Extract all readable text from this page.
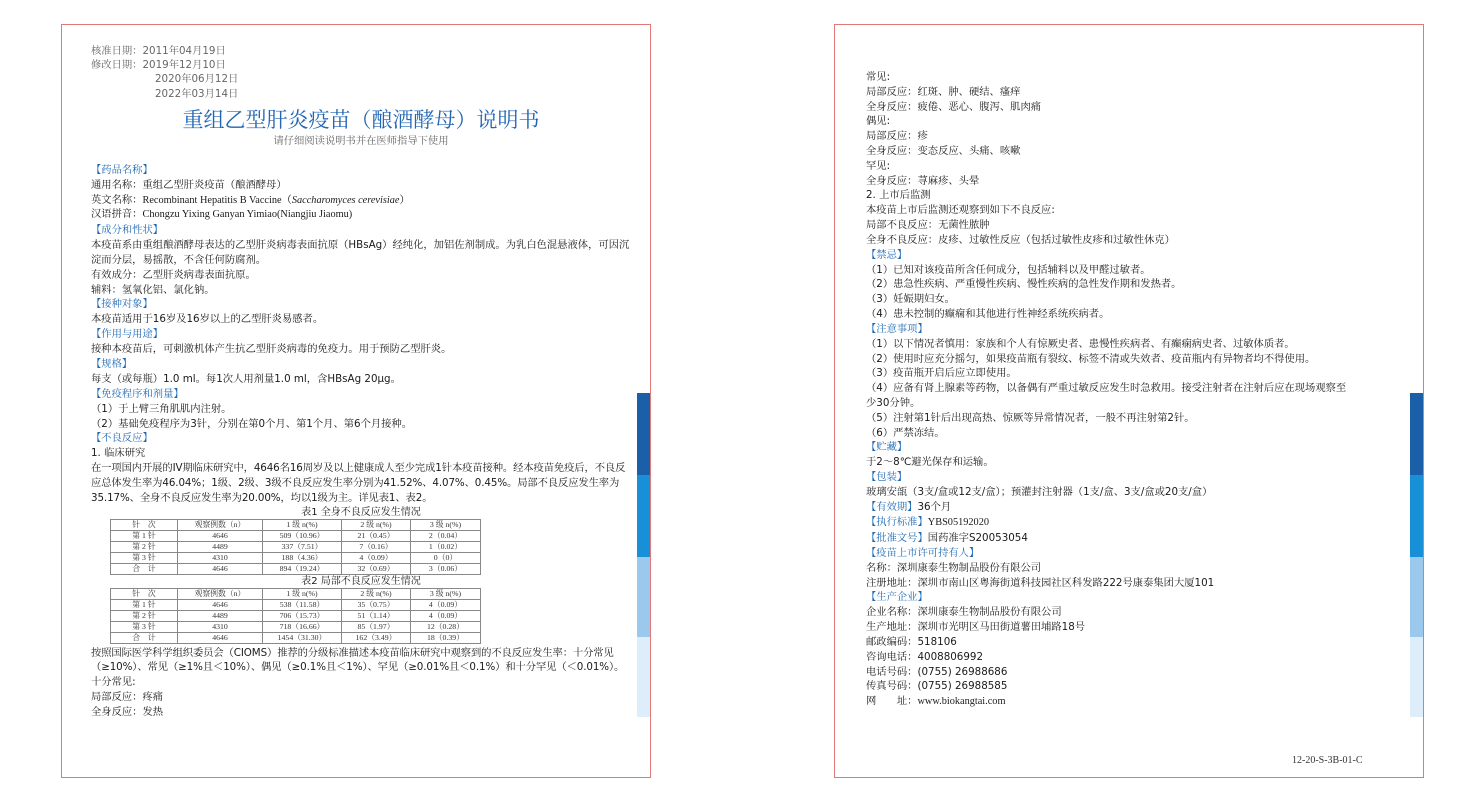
核准日期：2011年04月19日
修改日期：2019年12月10日
2020年06月12日
2022年03月14日
重组乙型肝炎疫苗（酿酒酵母）说明书
请仔细阅读说明书并在医师指导下使用
【药品名称】
通用名称：重组乙型肝炎疫苗（酿酒酵母）
英文名称：Recombinant Hepatitis B Vaccine（Saccharomyces cerevisiae）
汉语拼音：Chongzu Yixing Ganyan Yimiao(Niangjiu Jiaomu)
【成分和性状】
本疫苗系由重组酿酒酵母表达的乙型肝炎病毒表面抗原（HBsAg）经纯化，加铝佐剂制成。为乳白色混悬液体，可因沉淀而分层，易摇散，不含任何防腐剂。
有效成分：乙型肝炎病毒表面抗原。
辅料：氢氧化铝、氯化钠。
【接种对象】
本疫苗适用于16岁及16岁以上的乙型肝炎易感者。
【作用与用途】
接种本疫苗后，可刺激机体产生抗乙型肝炎病毒的免疫力。用于预防乙型肝炎。
【规格】
每支（或每瓶）1.0 ml。每1次人用剂量1.0 ml，含HBsAg 20μg。
【免疫程序和剂量】
（1）于上臂三角肌肌内注射。
（2）基础免疫程序为3针，分别在第0个月、第1个月、第6个月接种。
【不良反应】
1. 临床研究
在一项国内开展的IV期临床研究中，4646名16周岁及以上健康成人至少完成1针本疫苗接种。经本疫苗免疫后，不良反应总体发生率为46.04%；1级、2级、3级不良反应发生率分别为41.52%、4.07%、0.45%。局部不良反应发生率为35.17%、全身不良反应发生率为20.00%，均以1级为主。详见表1、表2。
表1 全身不良反应发生情况
针　次	观察例数（n）	1 级 n(%)	2 级 n(%)	3 级 n(%)
第 1 针	4646	509（10.96）	21（0.45）	2（0.04）
第 2 针	4489	337（7.51）	7（0.16）	1（0.02）
第 3 针	4310	188（4.36）	4（0.09）	0（0）
合　计	4646	894（19.24）	32（0.69）	3（0.06）
表2 局部不良反应发生情况
针　次	观察例数（n）	1 级 n(%)	2 级 n(%)	3 级 n(%)
第 1 针	4646	538（11.58）	35（0.75）	4（0.09）
第 2 针	4489	706（15.73）	51（1.14）	4（0.09）
第 3 针	4310	718（16.66）	85（1.97）	12（0.28）
合　计	4646	1454（31.30）	162（3.49）	18（0.39）
按照国际医学科学组织委员会（CIOMS）推荐的分级标准描述本疫苗临床研究中观察到的不良反应发生率：十分常见（≥10%）、常见（≥1%且＜10%）、偶见（≥0.1%且＜1%）、罕见（≥0.01%且＜0.1%）和十分罕见（＜0.01%）。
十分常见:
局部反应：疼痛
全身反应：发热
常见:
局部反应：红斑、肿、硬结、瘙痒
全身反应：疲倦、恶心、腹泻、肌肉痛
偶见:
局部反应：疹
全身反应：变态反应、头痛、咳嗽
罕见:
全身反应：荨麻疹、头晕
2. 上市后监测
本疫苗上市后监测还观察到如下不良反应:
局部不良反应：无菌性脓肿
全身不良反应：皮疹、过敏性反应（包括过敏性皮疹和过敏性休克）
【禁忌】
（1）已知对该疫苗所含任何成分，包括辅料以及甲醛过敏者。
（2）患急性疾病、严重慢性疾病、慢性疾病的急性发作期和发热者。
（3）妊娠期妇女。
（4）患未控制的癫痫和其他进行性神经系统疾病者。
【注意事项】
（1）以下情况者慎用：家族和个人有惊厥史者、患慢性疾病者、有癫痫病史者、过敏体质者。
（2）使用时应充分摇匀，如果疫苗瓶有裂纹、标签不清或失效者、疫苗瓶内有异物者均不得使用。
（3）疫苗瓶开启后应立即使用。
（4）应备有肾上腺素等药物，以备偶有严重过敏反应发生时急救用。接受注射者在注射后应在现场观察至少30分钟。
（5）注射第1针后出现高热、惊厥等异常情况者，一般不再注射第2针。
（6）严禁冻结。
【贮藏】
于2～8℃避光保存和运输。
【包装】
玻璃安瓿（3支/盒或12支/盒）；预灌封注射器（1支/盒、3支/盒或20支/盒）
【有效期】36个月
【执行标准】YBS05192020
【批准文号】国药准字S20053054
【疫苗上市许可持有人】
名称：深圳康泰生物制品股份有限公司
注册地址：深圳市南山区粤海街道科技园社区科发路222号康泰集团大厦101
【生产企业】
企业名称：深圳康泰生物制品股份有限公司
生产地址：深圳市光明区马田街道薯田埔路18号
邮政编码：518106
咨询电话：4008806992
电话号码：(0755) 26988686
传真号码：(0755) 26988585
网　　址：www.biokangtai.com
12-20-S-3B-01-C
